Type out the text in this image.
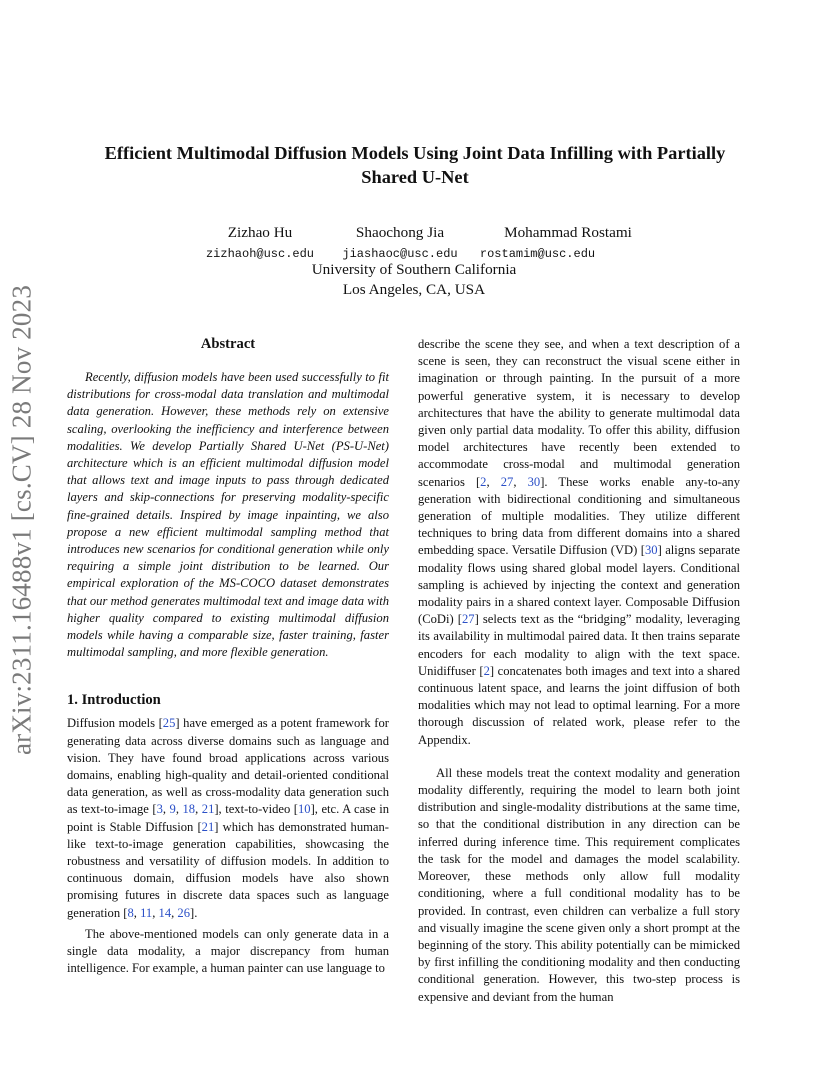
arXiv:2311.16488v1 [cs.CV] 28 Nov 2023
Efficient Multimodal Diffusion Models Using Joint Data Infilling with Partially
Shared U-Net
Zizhao Hu	Shaochong Jia	Mohammad Rostami
zizhaoh@usc.edu	jiashaoc@usc.edu	rostamim@usc.edu
University of Southern California
Los Angeles, CA, USA
Abstract

Recently, diffusion models have been used successfully to fit distributions for cross-modal data translation and multimodal data generation. However, these methods rely on extensive scaling, overlooking the inefficiency and interference between modalities. We develop Partially Shared U-Net (PS-U-Net) architecture which is an efficient multimodal diffusion model that allows text and image inputs to pass through dedicated layers and skip-connections for preserving modality-specific fine-grained details. Inspired by image inpainting, we also propose a new efficient multimodal sampling method that introduces new scenarios for conditional generation while only requiring a simple joint distribution to be learned. Our empirical exploration of the MS-COCO dataset demonstrates that our method generates multimodal text and image data with higher quality compared to existing multimodal diffusion models while having a comparable size, faster training, faster multimodal sampling, and more flexible generation.

1. Introduction

Diffusion models [25] have emerged as a potent framework for generating data across diverse domains such as language and vision. They have found broad applications across various domains, enabling high-quality and detail-oriented conditional data generation, as well as cross-modality data generation such as text-to-image [3, 9, 18, 21], text-to-video [10], etc. A case in point is Stable Diffusion [21] which has demonstrated human-like text-to-image generation capabilities, showcasing the robustness and versatility of diffusion models. In addition to continuous domain, diffusion models have also shown promising futures in discrete data spaces such as language generation [8, 11, 14, 26].

The above-mentioned models can only generate data in a single data modality, a major discrepancy from human intelligence. For example, a human painter can use language to

describe the scene they see, and when a text description of a scene is seen, they can reconstruct the visual scene either in imagination or through painting. In the pursuit of a more powerful generative system, it is necessary to develop architectures that have the ability to generate multimodal data given only partial data modality. To offer this ability, diffusion model architectures have recently been extended to accommodate cross-modal and multimodal generation scenarios [2, 27, 30]. These works enable any-to-any generation with bidirectional conditioning and simultaneous generation of multiple modalities. They utilize different techniques to bring data from different domains into a shared embedding space. Versatile Diffusion (VD) [30] aligns separate modality flows using shared global model layers. Conditional sampling is achieved by injecting the context and generation modality pairs in a shared context layer. Composable Diffusion (CoDi) [27] selects text as the “bridging” modality, leveraging its availability in multimodal paired data. It then trains separate encoders for each modality to align with the text space. Unidiffuser [2] concatenates both images and text into a shared continuous latent space, and learns the joint diffusion of both modalities which may not lead to optimal learning. For a more thorough discussion of related work, please refer to the Appendix.

All these models treat the context modality and generation modality differently, requiring the model to learn both joint distribution and single-modality distributions at the same time, so that the conditional distribution in any direction can be inferred during inference time. This requirement complicates the task for the model and damages the model scalability. Moreover, these methods only allow full modality conditioning, where a full conditional modality has to be provided. In contrast, even children can verbalize a full story and visually imagine the scene given only a short prompt at the beginning of the story. This ability potentially can be mimicked by first infilling the conditioning modality and then conducting conditional generation. However, this two-step process is expensive and deviant from the human
